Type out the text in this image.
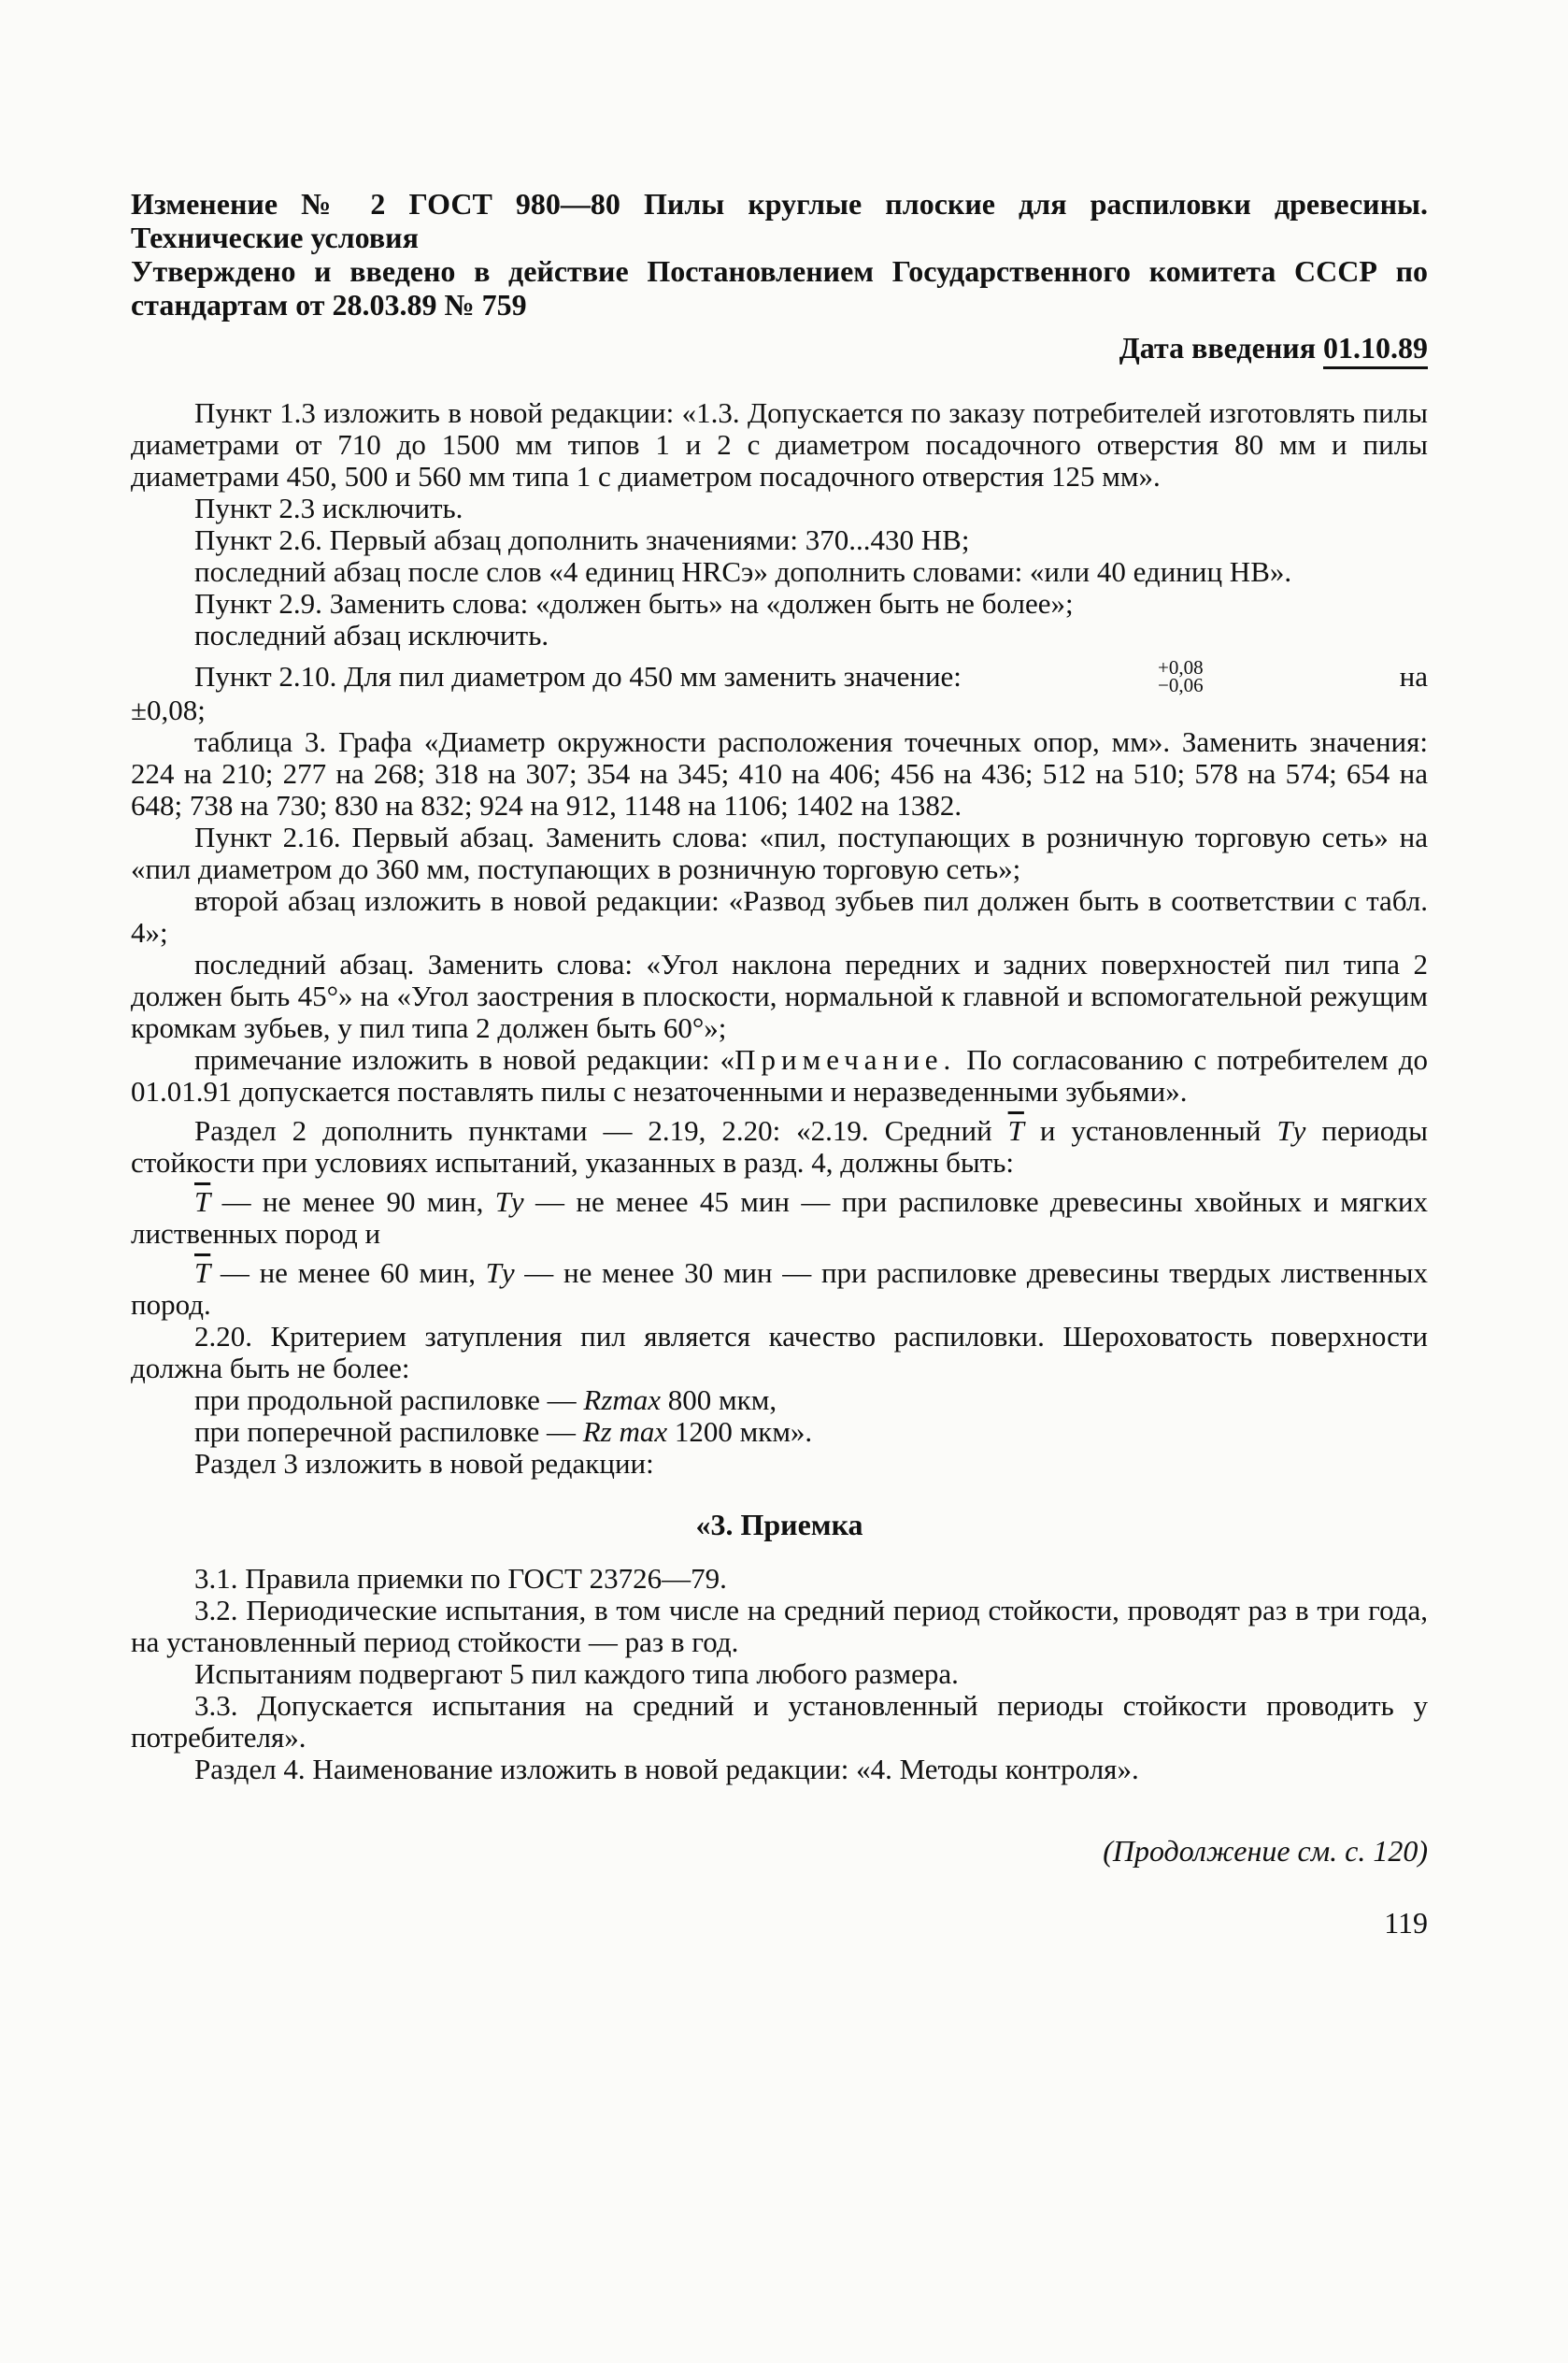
Изменение № 2 ГОСТ 980—80 Пилы круглые плоские для распиловки древесины. Технические условия

Утверждено и введено в действие Постановлением Государственного комитета СССР по стандартам от 28.03.89 № 759

Дата введения 01.10.89

Пункт 1.3 изложить в новой редакции: «1.3. Допускается по заказу потребителей изготовлять пилы диаметрами от 710 до 1500 мм типов 1 и 2 с диаметром посадочного отверстия 80 мм и пилы диаметрами 450, 500 и 560 мм типа 1 с диаметром посадочного отверстия 125 мм».

Пункт 2.3 исключить.

Пункт 2.6. Первый абзац дополнить значениями: 370...430 НВ;

последний абзац после слов «4 единиц HRCэ» дополнить словами: «или 40 единиц НВ».

Пункт 2.9. Заменить слова: «должен быть» на «должен быть не более»;

последний абзац исключить.

Пункт 2.10. Для пил диаметром до 450 мм заменить значение:	+0,08
−0,06	на

±0,08;

таблица 3. Графа «Диаметр окружности расположения точечных опор, мм». Заменить значения: 224 на 210; 277 на 268; 318 на 307; 354 на 345; 410 на 406; 456 на 436; 512 на 510; 578 на 574; 654 на 648; 738 на 730; 830 на 832; 924 на 912, 1148 на 1106; 1402 на 1382.

Пункт 2.16. Первый абзац. Заменить слова: «пил, поступающих в розничную торговую сеть» на «пил диаметром до 360 мм, поступающих в розничную торговую сеть»;

второй абзац изложить в новой редакции: «Развод зубьев пил должен быть в соответствии с табл. 4»;

последний абзац. Заменить слова: «Угол наклона передних и задних поверхностей пил типа 2 должен быть 45°» на «Угол заострения в плоскости, нормальной к главной и вспомогательной режущим кромкам зубьев, у пил типа 2 должен быть 60°»;

примечание изложить в новой редакции: «Примечание. По согласованию с потребителем до 01.01.91 допускается поставлять пилы с незаточенными и неразведенными зубьями».

Раздел 2 дополнить пунктами — 2.19, 2.20: «2.19. Средний $\overline{T}$ и установленный Tу периоды стойкости при условиях испытаний, указанных в разд. 4, должны быть:

$\overline{T}$ — не менее 90 мин, Tу — не менее 45 мин — при распиловке древесины хвойных и мягких лиственных пород и

$\overline{T}$ — не менее 60 мин, Tу — не менее 30 мин — при распиловке древесины твердых лиственных пород.

2.20. Критерием затупления пил является качество распиловки. Шероховатость поверхности должна быть не более:

при продольной распиловке — Rzmax 800 мкм,

при поперечной распиловке — Rz max 1200 мкм».

Раздел 3 изложить в новой редакции:

«3. Приемка

3.1. Правила приемки по ГОСТ 23726—79.

3.2. Периодические испытания, в том числе на средний период стойкости, проводят раз в три года, на установленный период стойкости — раз в год.

Испытаниям подвергают 5 пил каждого типа любого размера.

3.3. Допускается испытания на средний и установленный периоды стойкости проводить у потребителя».

Раздел 4. Наименование изложить в новой редакции: «4. Методы контроля».

(Продолжение см. с. 120)
119
